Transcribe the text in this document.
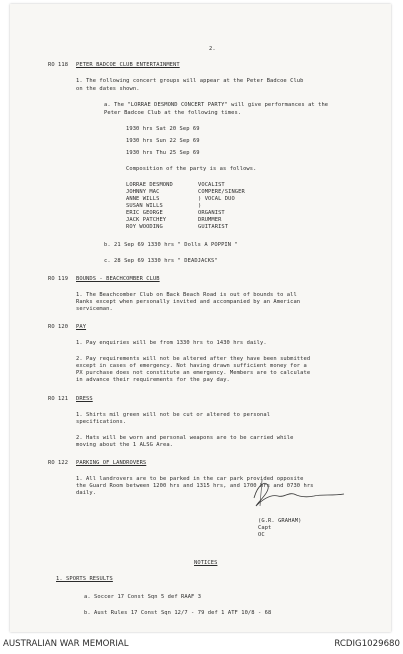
2.
RO 118 PETER BADCOE CLUB ENTERTAINMENT
1. The following concert groups will appear at the Peter Badcoe Club
on the dates shown.
a. The "LORRAE DESMOND CONCERT PARTY" will give performances at the
Peter Badcoe Club at the following times.
1930 hrs Sat 20 Sep 69
1930 hrs Sun 22 Sep 69
1930 hrs Thu 25 Sep 69
Composition of the party is as follows.
LORRAE DESMOND	VOCALIST
JOHNNY MAC	COMPERE/SINGER
ANNE WILLS	) VOCAL DUO
SUSAN WILLS	)
ERIC GEORGE	ORGANIST
JACK PATCHEY	DRUMMER
ROY WOODING	GUITARIST
b. 21 Sep 69 1330 hrs " Dolls A POPPIN "
c. 28 Sep 69 1330 hrs " DEADJACKS"
RO 119 BOUNDS - BEACHCOMBER CLUB
1. The Beachcomber Club on Back Beach Road is out of bounds to all
Ranks except when personally invited and accompanied by an American
serviceman.
RO 120 PAY
1. Pay enquiries will be from 1330 hrs to 1430 hrs daily.
2. Pay requirements will not be altered after they have been submitted
except in cases of emergency. Not having drawn sufficient money for a
PX purchase does not constitute an emergency. Members are to calculate
in advance their requirements for the pay day.
RO 121 DRESS
1. Shirts mil green will not be cut or altered to personal
specifications.
2. Hats will be worn and personal weapons are to be carried while
moving about the 1 ALSG Area.
RO 122 PARKING OF LANDROVERS
1. All landrovers are to be parked in the car park provided opposite
the Guard Room between 1200 hrs and 1315 hrs, and 1700 hrs and 0730 hrs
daily.
(G.R. GRAHAM)
Capt
OC
NOTICES
1. SPORTS RESULTS
a. Soccer 17 Const Sqn 5 def RAAF 3
b. Aust Rules 17 Const Sqn 12/7 - 79 def 1 ATF 10/8 - 68
AUSTRALIAN WAR MEMORIAL	RCDIG1029680
